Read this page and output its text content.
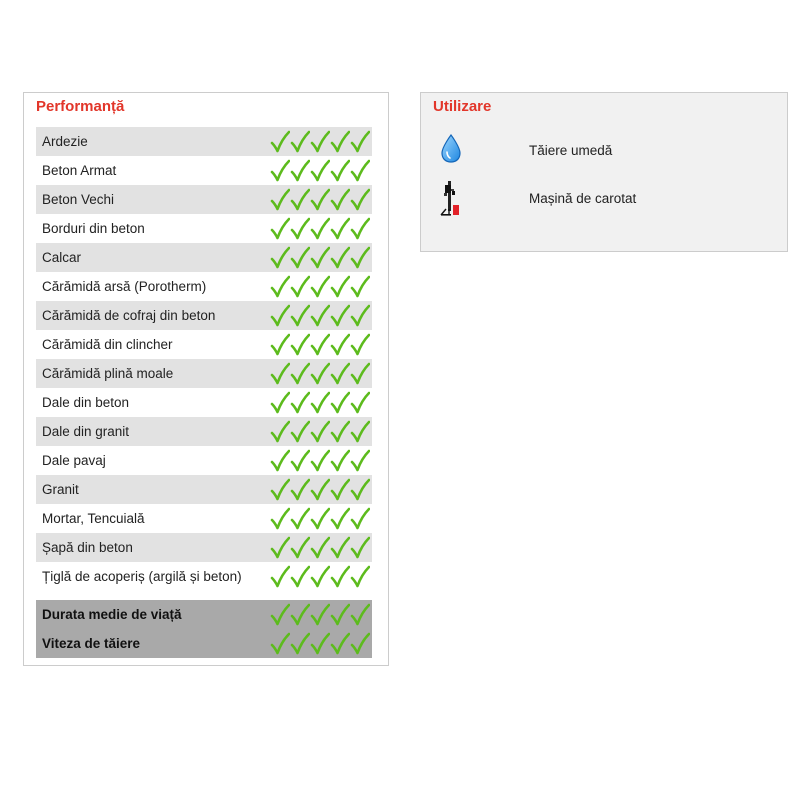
Performanță
Ardezie
Beton Armat
Beton Vechi
Borduri din beton
Calcar
Cărămidă arsă (Porotherm)
Cărămidă de cofraj din beton
Cărămidă din clincher
Cărămidă plină moale
Dale din beton
Dale din granit
Dale pavaj
Granit
Mortar, Tencuială
Șapă din beton
Țiglă de acoperiș (argilă și beton)
Durata medie de viață
Viteza de tăiere
Utilizare
Tăiere umedă
Mașină de carotat
